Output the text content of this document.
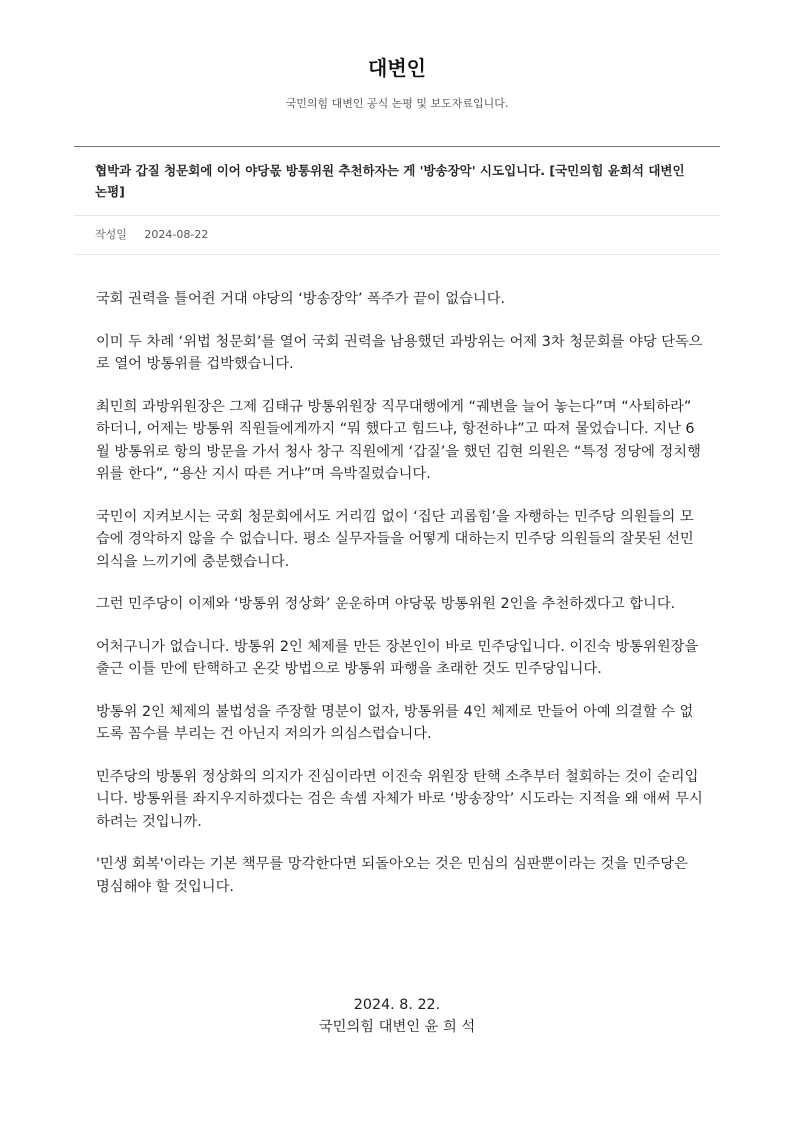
대변인
국민의힘 대변인 공식 논평 및 보도자료입니다.
협박과 갑질 청문회에 이어 야당몫 방통위원 추천하자는 게 '방송장악' 시도입니다. [국민의힘 윤희석 대변인 논평]
작성일 2024-08-22

국회 권력을 틀어쥔 거대 야당의 ‘방송장악’ 폭주가 끝이 없습니다.

이미 두 차례 ‘위법 청문회’를 열어 국회 권력을 남용했던 과방위는 어제 3차 청문회를 야당 단독으로 열어 방통위를 겁박했습니다.

최민희 과방위원장은 그제 김태규 방통위원장 직무대행에게 “궤변을 늘어 놓는다”며 “사퇴하라” 하더니, 어제는 방통위 직원들에게까지 “뭐 했다고 힘드냐, 항전하냐”고 따져 물었습니다. 지난 6월 방통위로 항의 방문을 가서 청사 창구 직원에게 ‘갑질’을 했던 김현 의원은 “특정 정당에 정치행위를 한다”, “용산 지시 따른 거냐”며 윽박질렀습니다.

국민이 지켜보시는 국회 청문회에서도 거리낌 없이 ‘집단 괴롭힘’을 자행하는 민주당 의원들의 모습에 경악하지 않을 수 없습니다. 평소 실무자들을 어떻게 대하는지 민주당 의원들의 잘못된 선민의식을 느끼기에 충분했습니다.

그런 민주당이 이제와 ‘방통위 정상화’ 운운하며 야당몫 방통위원 2인을 추천하겠다고 합니다.

어처구니가 없습니다. 방통위 2인 체제를 만든 장본인이 바로 민주당입니다. 이진숙 방통위원장을 출근 이틀 만에 탄핵하고 온갖 방법으로 방통위 파행을 초래한 것도 민주당입니다.

방통위 2인 체제의 불법성을 주장할 명분이 없자, 방통위를 4인 체제로 만들어 아예 의결할 수 없도록 꼼수를 부리는 건 아닌지 저의가 의심스럽습니다.

민주당의 방통위 정상화의 의지가 진심이라면 이진숙 위원장 탄핵 소추부터 철회하는 것이 순리입니다. 방통위를 좌지우지하겠다는 검은 속셈 자체가 바로 ‘방송장악’ 시도라는 지적을 왜 애써 무시하려는 것입니까.

'민생 회복'이라는 기본 책무를 망각한다면 되돌아오는 것은 민심의 심판뿐이라는 것을 민주당은 명심해야 할 것입니다.

2024. 8. 22.
국민의힘 대변인 윤 희 석
